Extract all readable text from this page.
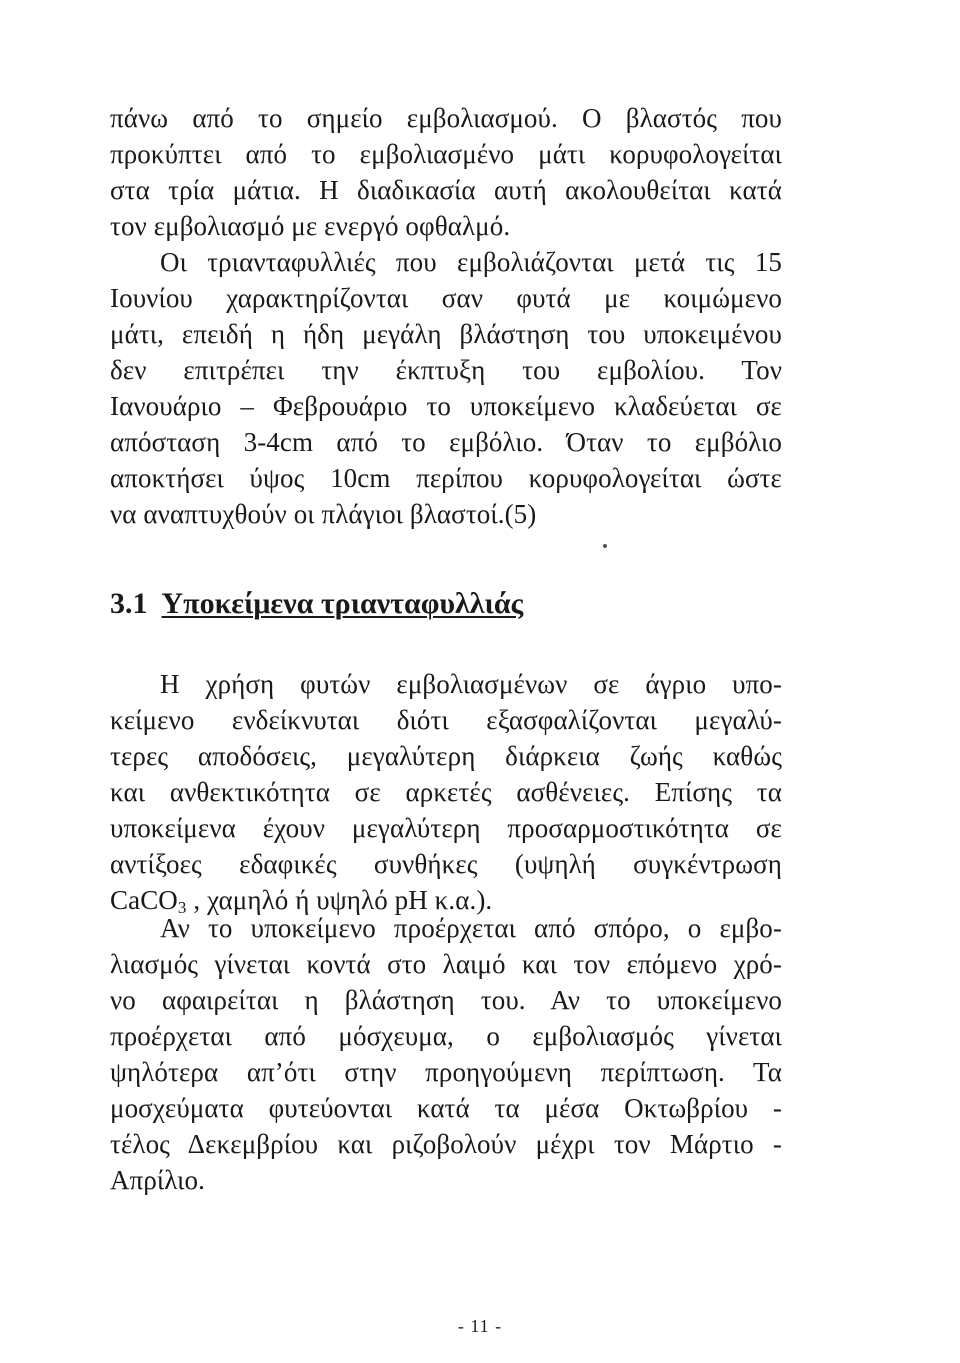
πάνω από το σημείο εμβολιασμού. Ο βλαστός που
προκύπτει από το εμβολιασμένο μάτι κορυφολογείται
στα τρία μάτια. Η διαδικασία αυτή ακολουθείται κατά
τον εμβολιασμό με ενεργό οφθαλμό.
Οι τριανταφυλλιές που εμβολιάζονται μετά τις 15
Ιουνίου χαρακτηρίζονται σαν φυτά με κοιμώμενο
μάτι, επειδή η ήδη μεγάλη βλάστηση του υποκειμένου
δεν επιτρέπει την έκπτυξη του εμβολίου. Τον
Ιανουάριο – Φεβρουάριο το υποκείμενο κλαδεύεται σε
απόσταση 3-4cm από το εμβόλιο. Όταν το εμβόλιο
αποκτήσει ύψος 10cm περίπου κορυφολογείται ώστε
να αναπτυχθούν οι πλάγιοι βλαστοί.(5)
3.1 Υποκείμενα τριανταφυλλιάς
Η χρήση φυτών εμβολιασμένων σε άγριο υπο-
κείμενο ενδείκνυται διότι εξασφαλίζονται μεγαλύ-
τερες αποδόσεις, μεγαλύτερη διάρκεια ζωής καθώς
και ανθεκτικότητα σε αρκετές ασθένειες. Επίσης τα
υποκείμενα έχουν μεγαλύτερη προσαρμοστικότητα σε
αντίξοες εδαφικές συνθήκες (υψηλή συγκέντρωση
CaCO$_3$ , χαμηλό ή υψηλό pH κ.α.).
Αν το υποκείμενο προέρχεται από σπόρο, ο εμβο-
λιασμός γίνεται κοντά στο λαιμό και τον επόμενο χρό-
νο αφαιρείται η βλάστηση του. Αν το υποκείμενο
προέρχεται από μόσχευμα, ο εμβολιασμός γίνεται
ψηλότερα απ’ότι στην προηγούμενη περίπτωση. Τα
μοσχεύματα φυτεύονται κατά τα μέσα Οκτωβρίου -
τέλος Δεκεμβρίου και ριζοβολούν μέχρι τον Μάρτιο -
Απρίλιο.
- 11 -
